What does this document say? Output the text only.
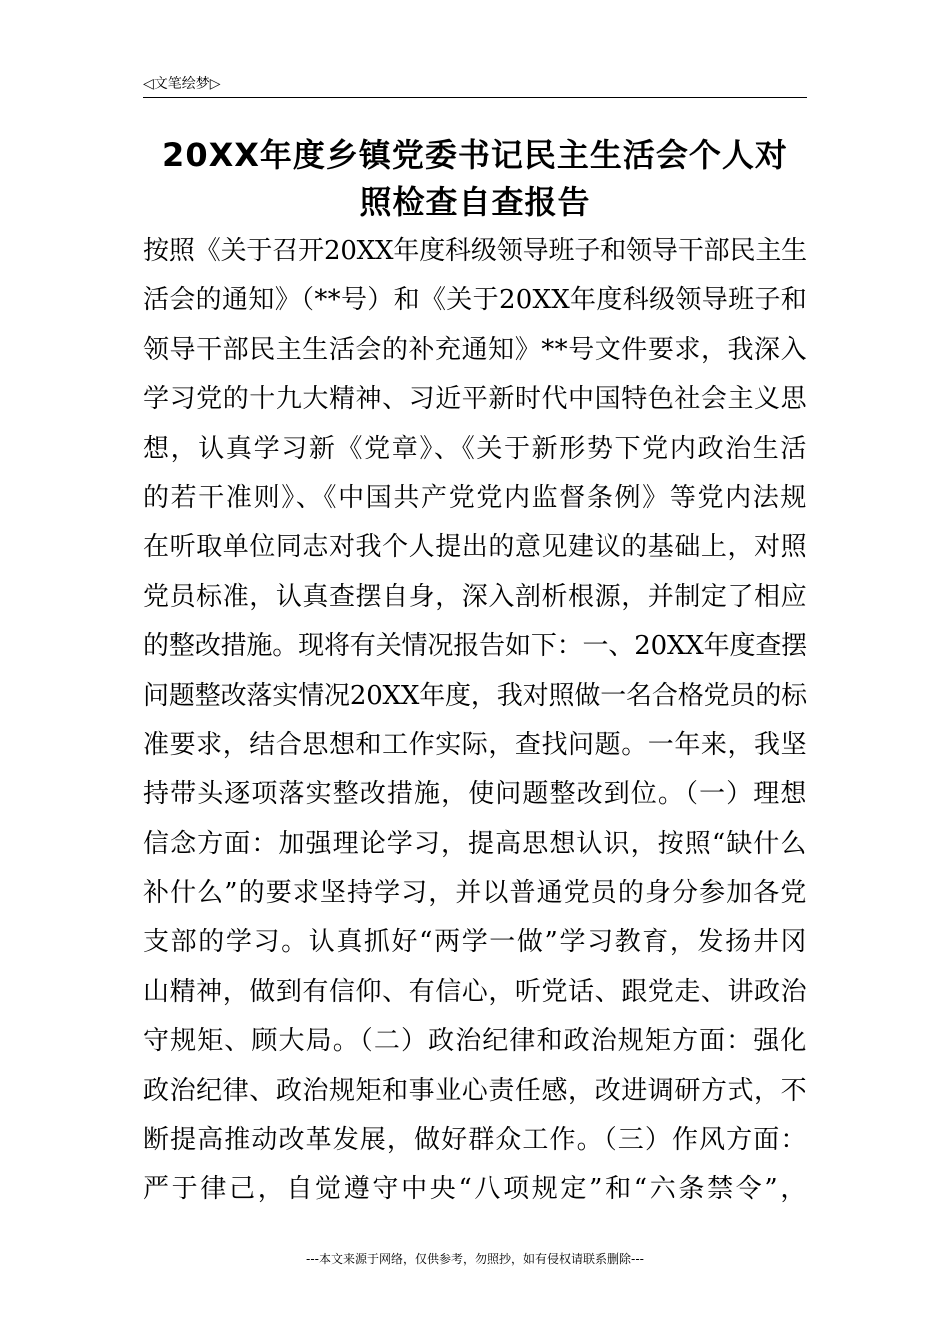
◁文笔绘梦▷
20XX年度乡镇党委书记民主生活会个人对
照检查自查报告
按照《关于召开20XX年度科级领导班子和领导干部民主生
活会的通知》（**号）和《关于20XX年度科级领导班子和
领导干部民主生活会的补充通知》**号文件要求，我深入
学习党的十九大精神、习近平新时代中国特色社会主义思
想，认真学习新《党章》、《关于新形势下党内政治生活
的若干准则》、《中国共产党党内监督条例》等党内法规
在听取单位同志对我个人提出的意见建议的基础上，对照
党员标准，认真查摆自身，深入剖析根源，并制定了相应
的整改措施。现将有关情况报告如下：一、20XX年度查摆
问题整改落实情况20XX年度，我对照做一名合格党员的标
准要求，结合思想和工作实际，查找问题。一年来，我坚
持带头逐项落实整改措施，使问题整改到位。（一）理想
信念方面：加强理论学习，提高思想认识，按照“缺什么
补什么”的要求坚持学习，并以普通党员的身分参加各党
支部的学习。认真抓好“两学一做”学习教育，发扬井冈
山精神，做到有信仰、有信心，听党话、跟党走、讲政治
守规矩、顾大局。（二）政治纪律和政治规矩方面：强化
政治纪律、政治规矩和事业心责任感，改进调研方式，不
断提高推动改革发展，做好群众工作。（三）作风方面：
严于律己，自觉遵守中央“八项规定”和“六条禁令”，
---本文来源于网络，仅供参考，勿照抄，如有侵权请联系删除---
